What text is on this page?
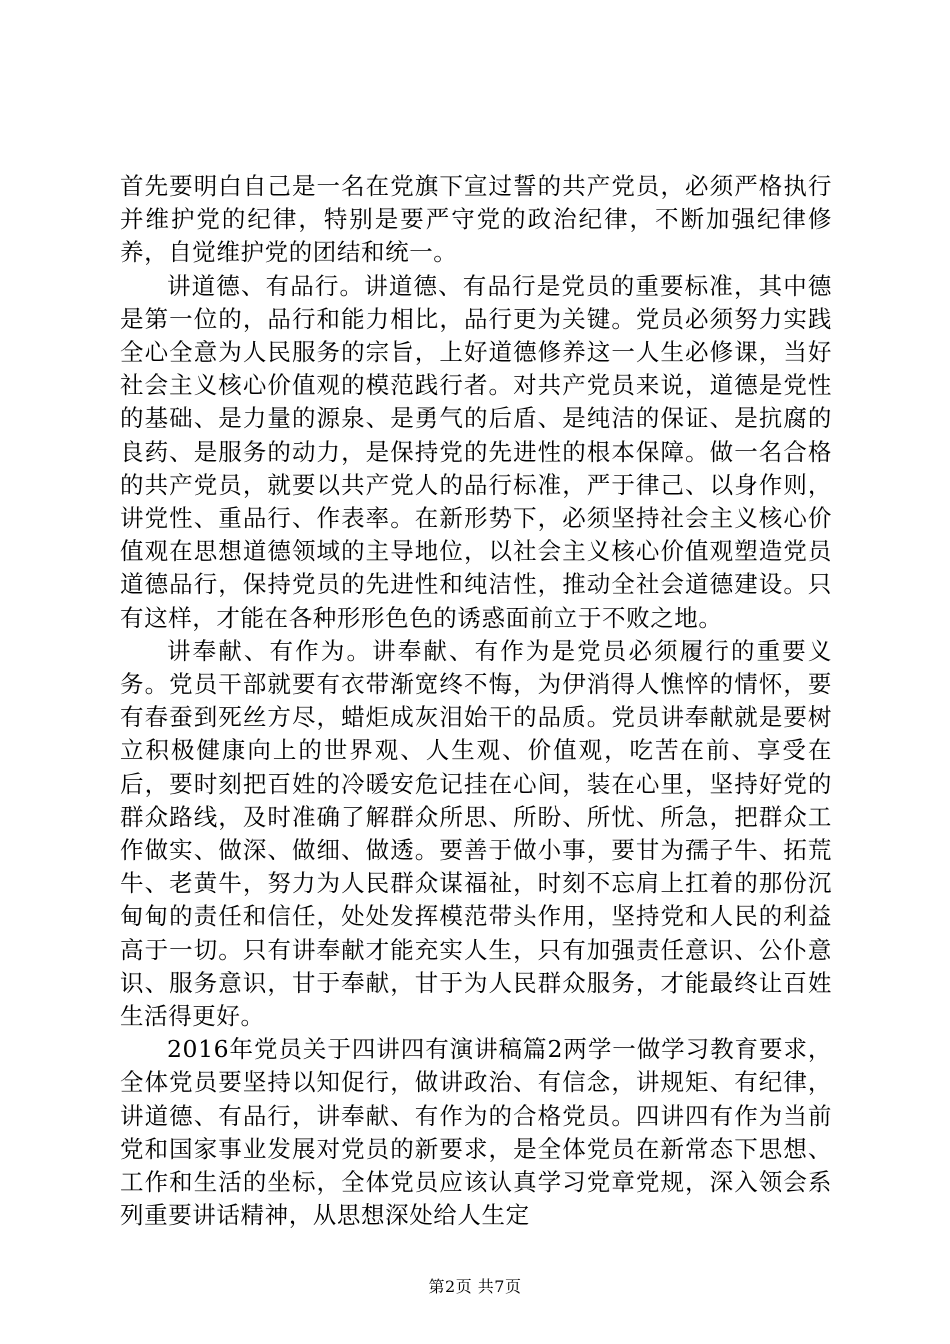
首先要明白自己是一名在党旗下宣过誓的共产党员，必须严格执行并维护党的纪律，特别是要严守党的政治纪律，不断加强纪律修养，自觉维护党的团结和统一。

讲道德、有品行。讲道德、有品行是党员的重要标准，其中德是第一位的，品行和能力相比，品行更为关键。党员必须努力实践全心全意为人民服务的宗旨，上好道德修养这一人生必修课，当好社会主义核心价值观的模范践行者。对共产党员来说，道德是党性的基础、是力量的源泉、是勇气的后盾、是纯洁的保证、是抗腐的良药、是服务的动力，是保持党的先进性的根本保障。做一名合格的共产党员，就要以共产党人的品行标准，严于律己、以身作则，讲党性、重品行、作表率。在新形势下，必须坚持社会主义核心价值观在思想道德领域的主导地位，以社会主义核心价值观塑造党员道德品行，保持党员的先进性和纯洁性，推动全社会道德建设。只有这样，才能在各种形形色色的诱惑面前立于不败之地。

讲奉献、有作为。讲奉献、有作为是党员必须履行的重要义务。党员干部就要有衣带渐宽终不悔，为伊消得人憔悴的情怀，要有春蚕到死丝方尽，蜡炬成灰泪始干的品质。党员讲奉献就是要树立积极健康向上的世界观、人生观、价值观，吃苦在前、享受在后，要时刻把百姓的冷暖安危记挂在心间，装在心里，坚持好党的群众路线，及时准确了解群众所思、所盼、所忧、所急，把群众工作做实、做深、做细、做透。要善于做小事，要甘为孺子牛、拓荒牛、老黄牛，努力为人民群众谋福祉，时刻不忘肩上扛着的那份沉甸甸的责任和信任，处处发挥模范带头作用，坚持党和人民的利益高于一切。只有讲奉献才能充实人生，只有加强责任意识、公仆意识、服务意识，甘于奉献，甘于为人民群众服务，才能最终让百姓生活得更好。

2016年党员关于四讲四有演讲稿篇2两学一做学习教育要求，全体党员要坚持以知促行，做讲政治、有信念，讲规矩、有纪律，讲道德、有品行，讲奉献、有作为的合格党员。四讲四有作为当前党和国家事业发展对党员的新要求，是全体党员在新常态下思想、工作和生活的坐标，全体党员应该认真学习党章党规，深入领会系列重要讲话精神，从思想深处给人生定

第2页 共7页
